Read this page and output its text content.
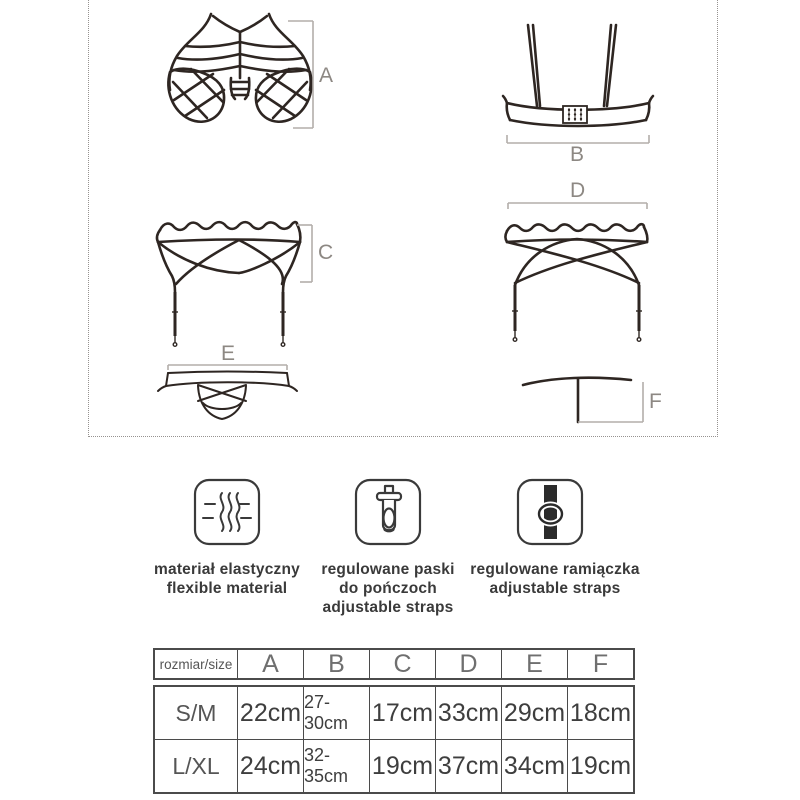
A
B
C
D
E
F
materiał elastyczny
flexible material
regulowane paski
do pończoch
adjustable straps
regulowane ramiączka
adjustable straps
rozmiar/size	A	B	C	D	E	F
S/M 22cm 27-30cm 17cm 33cm 29cm 18cm
L/XL 24cm 32-35cm 19cm 37cm 34cm 19cm
